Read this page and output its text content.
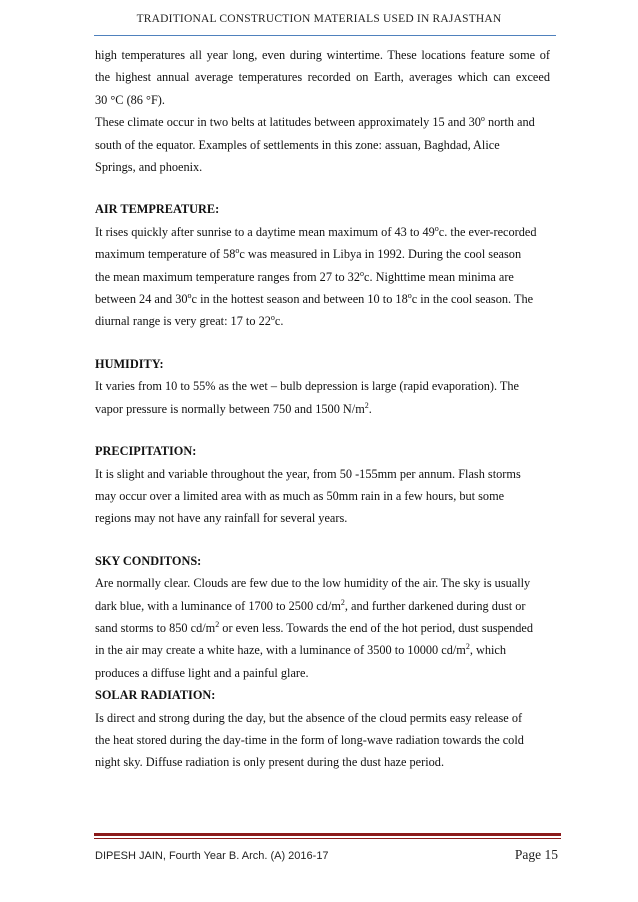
TRADITIONAL CONSTRUCTION MATERIALS USED IN RAJASTHAN

high temperatures all year long, even during wintertime. These locations feature some of
the highest annual average temperatures recorded on Earth, averages which can exceed
30 °C (86 °F).

These climate occur in two belts at latitudes between approximately 15 and 30$^o$ north and
south of the equator. Examples of settlements in this zone: assuan, Baghdad, Alice
Springs, and phoenix.

AIR TEMPREATURE:

It rises quickly after sunrise to a daytime mean maximum of 43 to 49$^o$c. the ever-recorded
maximum temperature of 58$^o$c was measured in Libya in 1992. During the cool season
the mean maximum temperature ranges from 27 to 32$^o$c. Nighttime mean minima are
between 24 and 30$^o$c in the hottest season and between 10 to 18$^o$c in the cool season. The
diurnal range is very great: 17 to 22$^o$c.

HUMIDITY:

It varies from 10 to 55% as the wet – bulb depression is large (rapid evaporation). The
vapor pressure is normally between 750 and 1500 $N/m^2$.

PRECIPITATION:

It is slight and variable throughout the year, from 50 -155mm per annum. Flash storms
may occur over a limited area with as much as 50mm rain in a few hours, but some
regions may not have any rainfall for several years.

SKY CONDITONS:

Are normally clear. Clouds are few due to the low humidity of the air. The sky is usually
dark blue, with a luminance of 1700 to 2500 $cd/m^2$, and further darkened during dust or
sand storms to 850 $cd/m^2$ or even less. Towards the end of the hot period, dust suspended
in the air may create a white haze, with a luminance of 3500 to 10000 $cd/m^2$, which
produces a diffuse light and a painful glare.

SOLAR RADIATION:

Is direct and strong during the day, but the absence of the cloud permits easy release of
the heat stored during the day-time in the form of long-wave radiation towards the cold
night sky. Diffuse radiation is only present during the dust haze period.

DIPESH JAIN, Fourth Year B. Arch. (A) 2016-17	Page 15
